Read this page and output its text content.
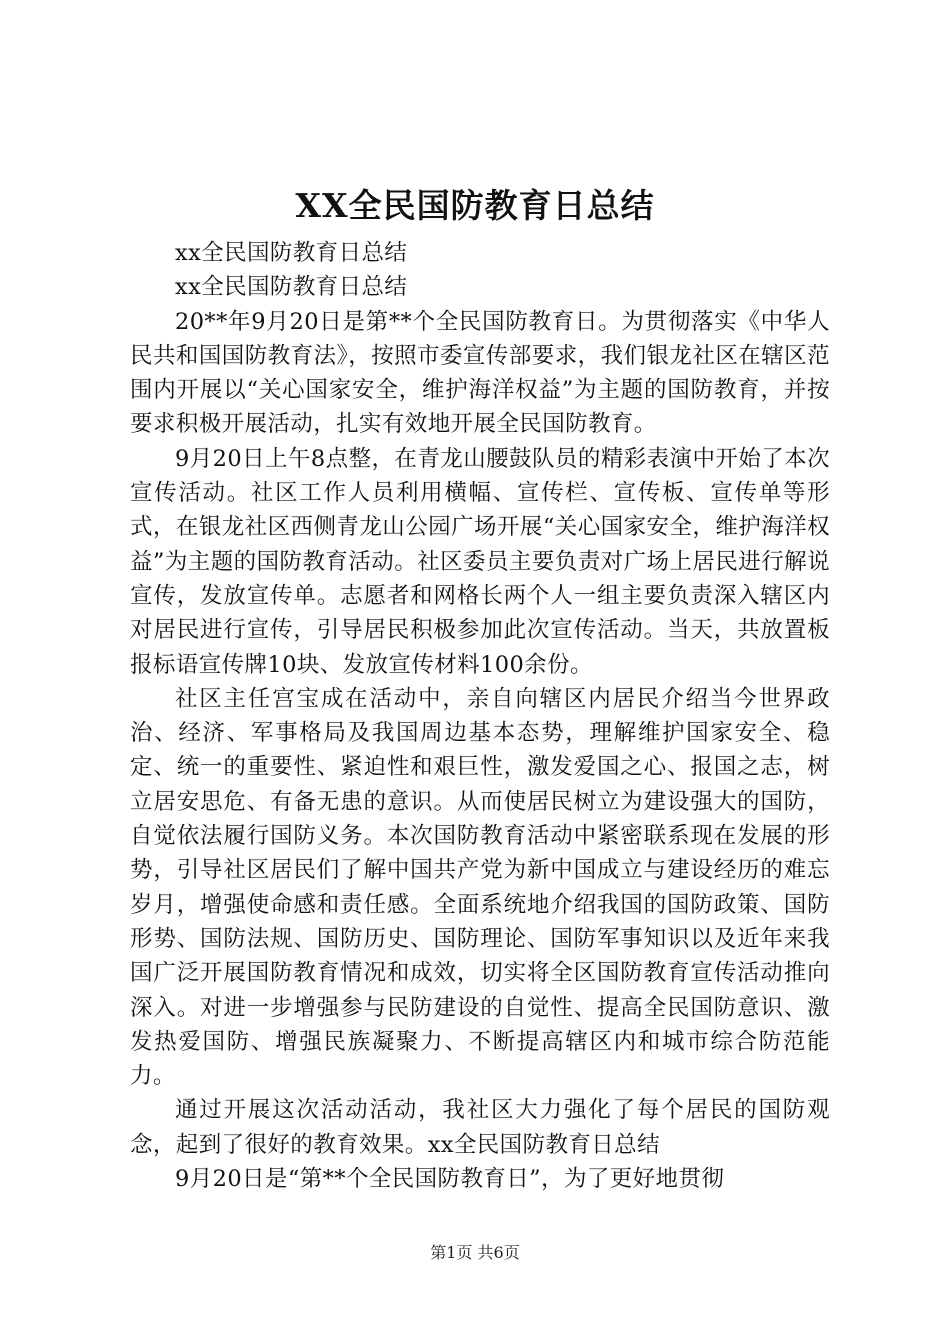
XX全民国防教育日总结

xx全民国防教育日总结

xx全民国防教育日总结

20**年9月20日是第**个全民国防教育日。为贯彻落实《中华人民共和国国防教育法》，按照市委宣传部要求，我们银龙社区在辖区范围内开展以“关心国家安全，维护海洋权益”为主题的国防教育，并按要求积极开展活动，扎实有效地开展全民国防教育。

9月20日上午8点整，在青龙山腰鼓队员的精彩表演中开始了本次宣传活动。社区工作人员利用横幅、宣传栏、宣传板、宣传单等形式，在银龙社区西侧青龙山公园广场开展“关心国家安全，维护海洋权益”为主题的国防教育活动。社区委员主要负责对广场上居民进行解说宣传，发放宣传单。志愿者和网格长两个人一组主要负责深入辖区内对居民进行宣传，引导居民积极参加此次宣传活动。当天，共放置板报标语宣传牌10块、发放宣传材料100余份。

社区主任宫宝成在活动中，亲自向辖区内居民介绍当今世界政治、经济、军事格局及我国周边基本态势，理解维护国家安全、稳定、统一的重要性、紧迫性和艰巨性，激发爱国之心、报国之志，树立居安思危、有备无患的意识。从而使居民树立为建设强大的国防，自觉依法履行国防义务。本次国防教育活动中紧密联系现在发展的形势，引导社区居民们了解中国共产党为新中国成立与建设经历的难忘岁月，增强使命感和责任感。全面系统地介绍我国的国防政策、国防形势、国防法规、国防历史、国防理论、国防军事知识以及近年来我国广泛开展国防教育情况和成效，切实将全区国防教育宣传活动推向深入。对进一步增强参与民防建设的自觉性、提高全民国防意识、激发热爱国防、增强民族凝聚力、不断提高辖区内和城市综合防范能力。

通过开展这次活动活动，我社区大力强化了每个居民的国防观念，起到了很好的教育效果。xx全民国防教育日总结

9月20日是“第**个全民国防教育日”，为了更好地贯彻

第1页 共6页
